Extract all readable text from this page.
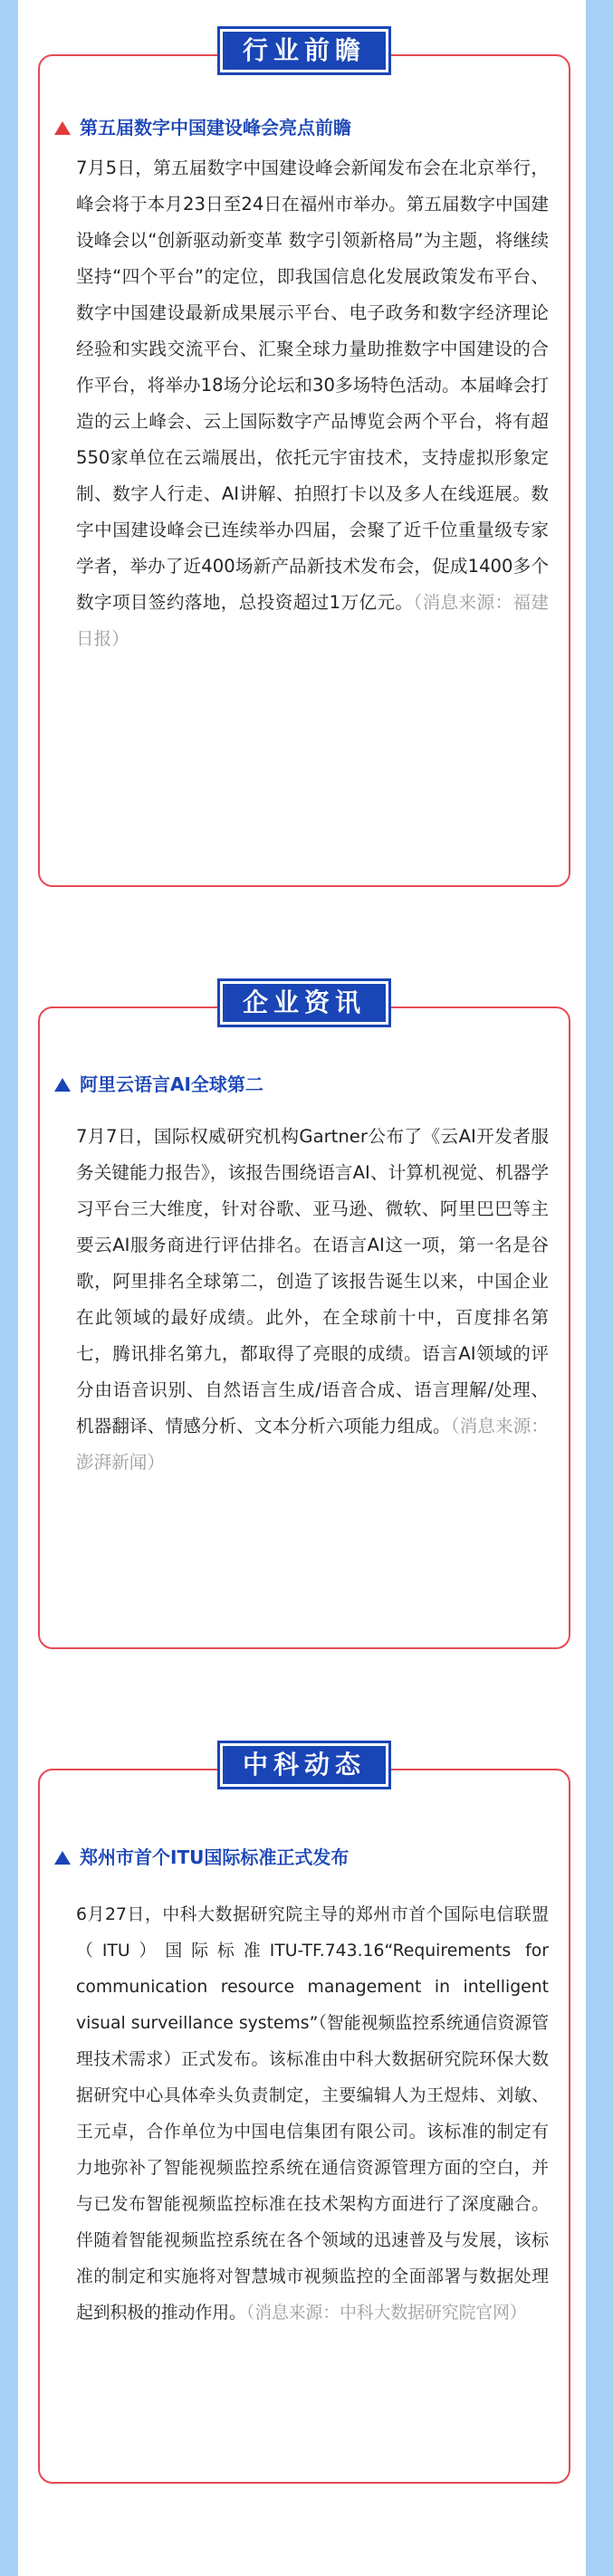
行业前瞻
第五届数字中国建设峰会亮点前瞻

7月5日，第五届数字中国建设峰会新闻发布会在北京举行，峰会将于本月23日至24日在福州市举办。第五届数字中国建设峰会以“创新驱动新变革 数字引领新格局”为主题，将继续坚持“四个平台”的定位，即我国信息化发展政策发布平台、数字中国建设最新成果展示平台、电子政务和数字经济理论经验和实践交流平台、汇聚全球力量助推数字中国建设的合作平台，将举办18场分论坛和30多场特色活动。本届峰会打造的云上峰会、云上国际数字产品博览会两个平台，将有超550家单位在云端展出，依托元宇宙技术，支持虚拟形象定制、数字人行走、AI讲解、拍照打卡以及多人在线逛展。数字中国建设峰会已连续举办四届，会聚了近千位重量级专家学者，举办了近400场新产品新技术发布会，促成1400多个数字项目签约落地，总投资超过1万亿元。（消息来源：福建日报）

企业资讯
阿里云语言AI全球第二

7月7日，国际权威研究机构Gartner公布了《云AI开发者服务关键能力报告》，该报告围绕语言AI、计算机视觉、机器学习平台三大维度，针对谷歌、亚马逊、微软、阿里巴巴等主要云AI服务商进行评估排名。在语言AI这一项，第一名是谷歌，阿里排名全球第二，创造了该报告诞生以来，中国企业在此领域的最好成绩。此外，在全球前十中，百度排名第七，腾讯排名第九，都取得了亮眼的成绩。语言AI领域的评分由语音识别、自然语言生成/语音合成、语言理解/处理、机器翻译、情感分析、文本分析六项能力组成。（消息来源：澎湃新闻）

中科动态
郑州市首个ITU国际标准正式发布

6月27日，中科大数据研究院主导的郑州市首个国际电信联盟（ITU）国际标准ITU-TF.743.16“Requirements for communication resource management in intelligent visual surveillance systems”（智能视频监控系统通信资源管理技术需求）正式发布。该标准由中科大数据研究院环保大数据研究中心具体牵头负责制定，主要编辑人为王煜炜、刘敏、王元卓，合作单位为中国电信集团有限公司。该标准的制定有力地弥补了智能视频监控系统在通信资源管理方面的空白，并与已发布智能视频监控标准在技术架构方面进行了深度融合。伴随着智能视频监控系统在各个领域的迅速普及与发展，该标准的制定和实施将对智慧城市视频监控的全面部署与数据处理起到积极的推动作用。（消息来源：中科大数据研究院官网）
